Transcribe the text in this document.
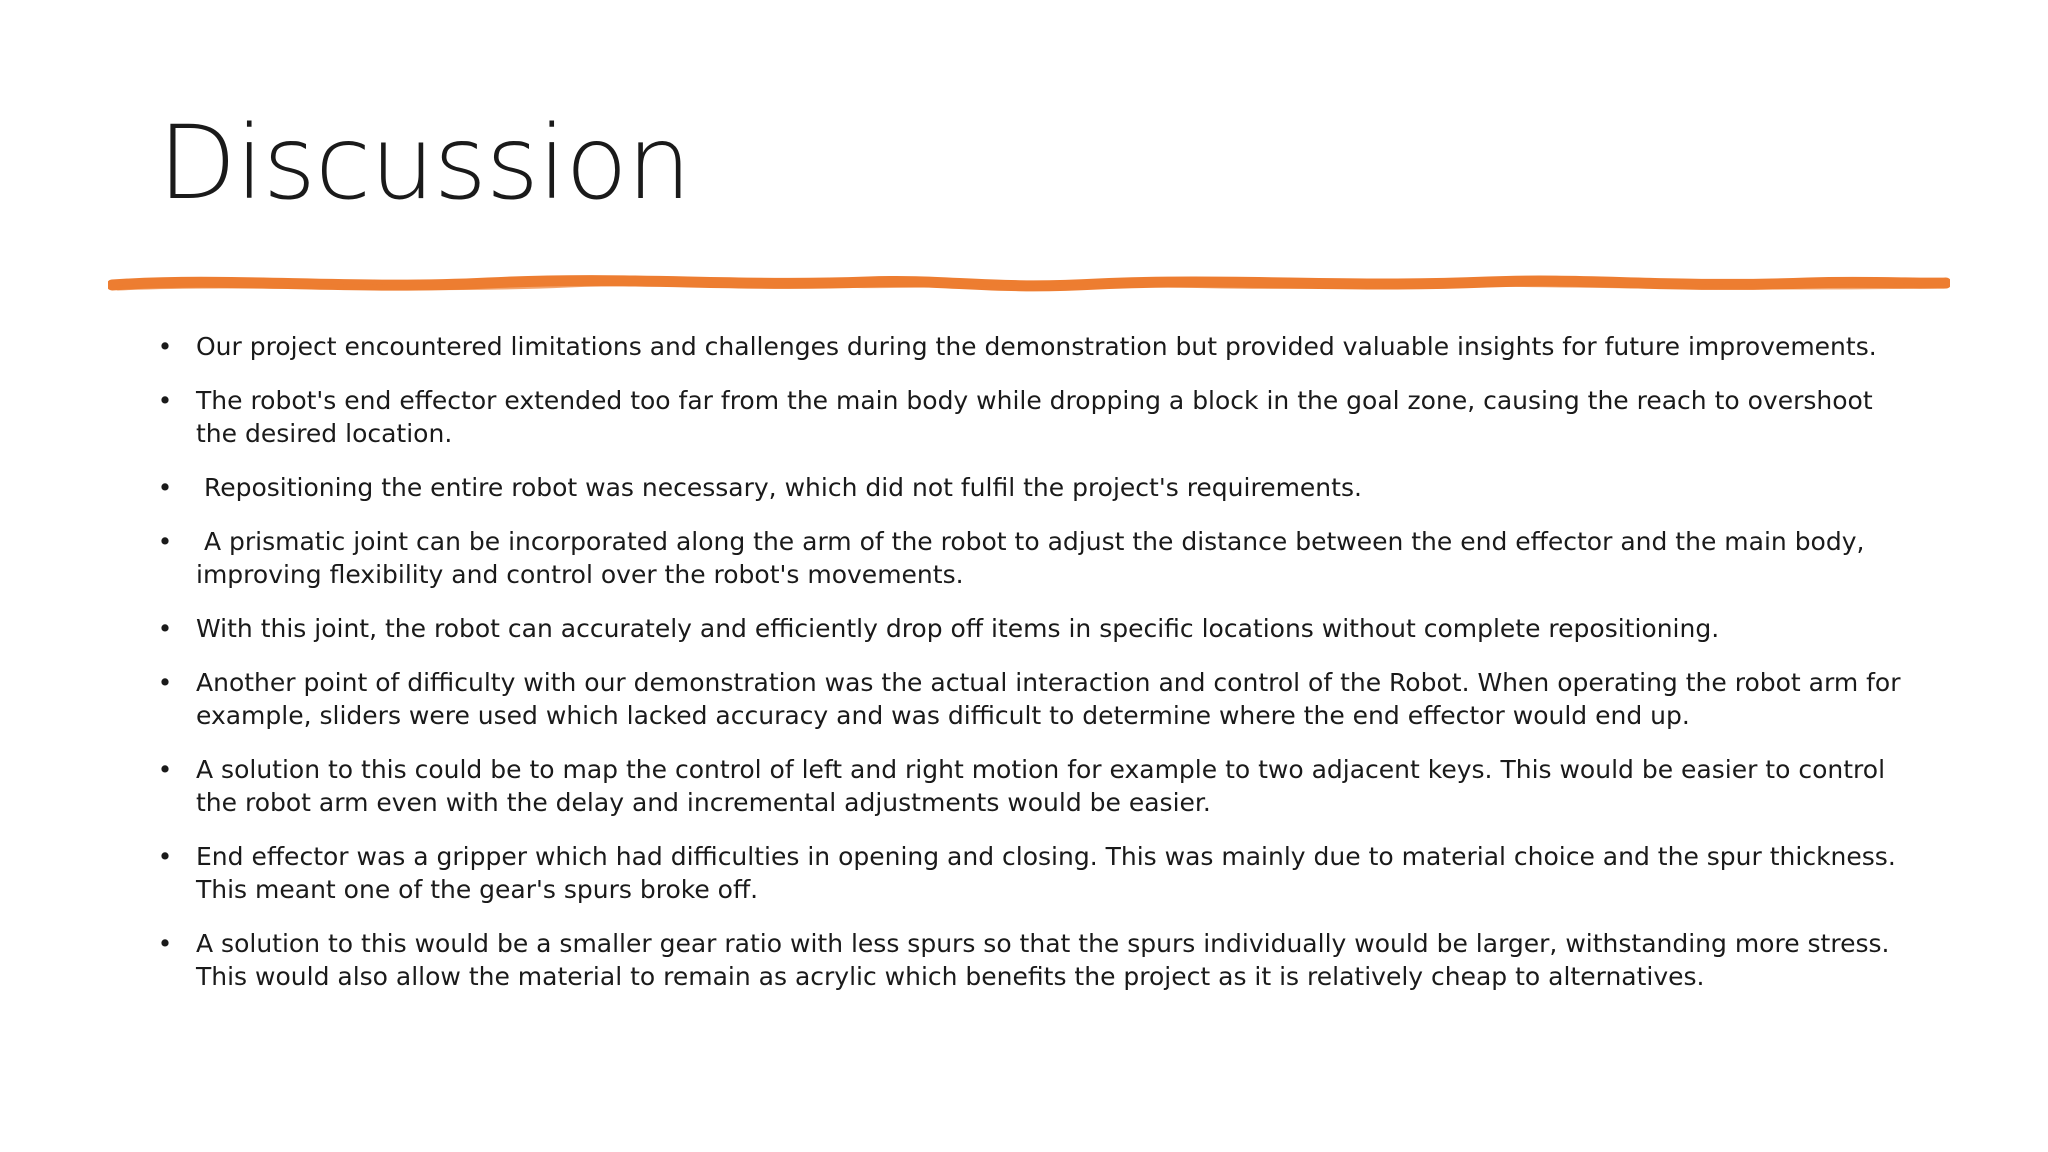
Discussion
• Our project encountered limitations and challenges during the demonstration but provided valuable insights for future improvements.
• The robot's end effector extended too far from the main body while dropping a block in the goal zone, causing the reach to overshoot the desired location.
• Repositioning the entire robot was necessary, which did not fulfil the project's requirements.
• A prismatic joint can be incorporated along the arm of the robot to adjust the distance between the end effector and the main body, improving flexibility and control over the robot's movements.
• With this joint, the robot can accurately and efficiently drop off items in specific locations without complete repositioning.
• Another point of difficulty with our demonstration was the actual interaction and control of the Robot. When operating the robot arm for example, sliders were used which lacked accuracy and was difficult to determine where the end effector would end up.
• A solution to this could be to map the control of left and right motion for example to two adjacent keys. This would be easier to control the robot arm even with the delay and incremental adjustments would be easier.
• End effector was a gripper which had difficulties in opening and closing. This was mainly due to material choice and the spur thickness. This meant one of the gear's spurs broke off.
• A solution to this would be a smaller gear ratio with less spurs so that the spurs individually would be larger, withstanding more stress. This would also allow the material to remain as acrylic which benefits the project as it is relatively cheap to alternatives.
